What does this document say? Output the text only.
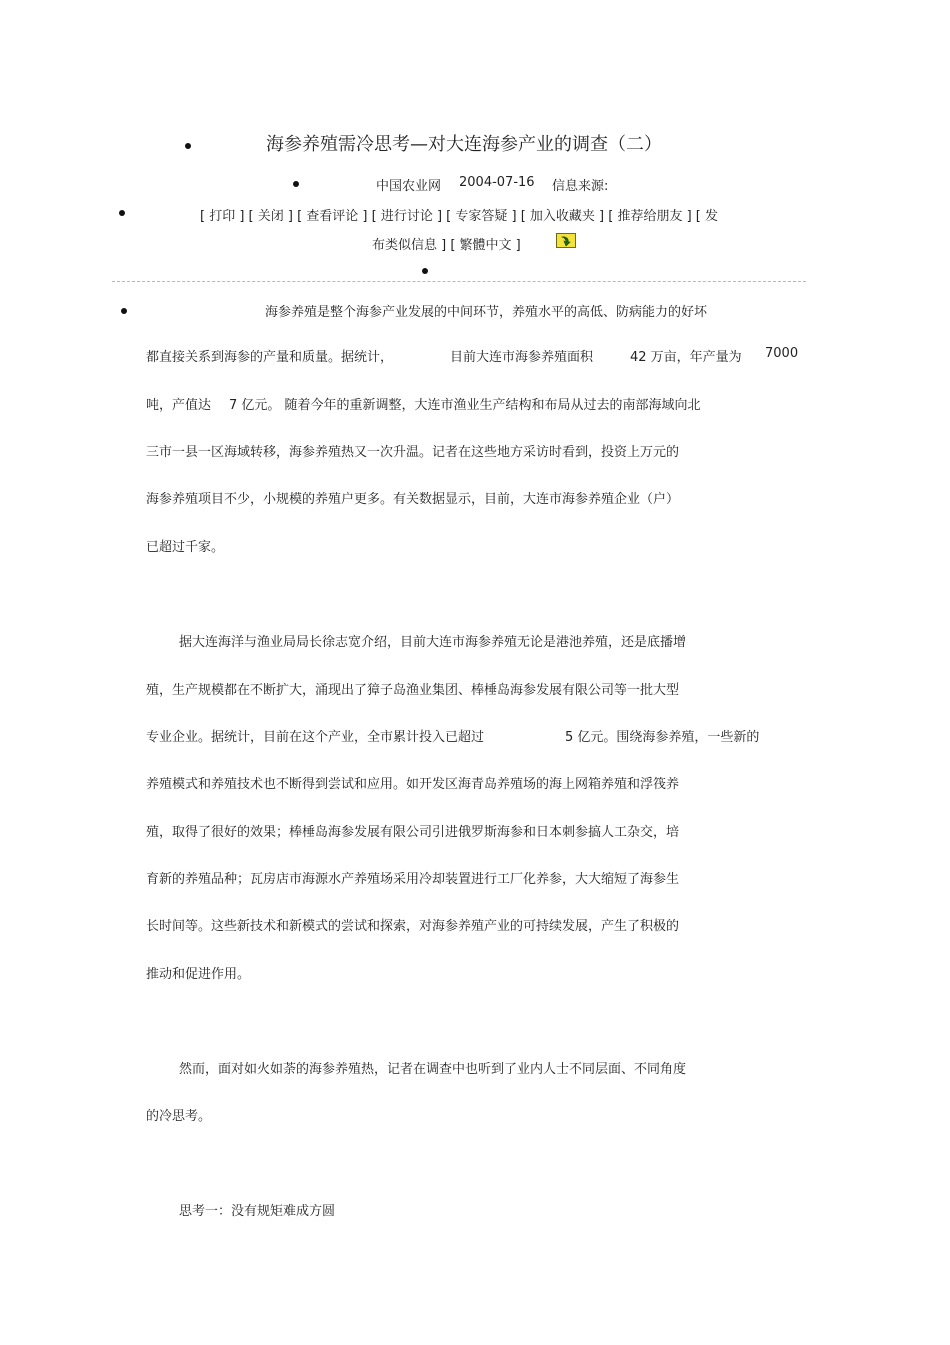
海参养殖需冷思考—对大连海参产业的调查（二）
中国农业网 2004-07-16 信息来源:
[ 打印 ] [ 关闭 ] [ 查看评论 ] [ 进行讨论 ] [ 专家答疑 ] [ 加入收藏夹 ] [ 推荐给朋友 ] [ 发
布类似信息 ] [ 繁體中文 ]
海参养殖是整个海参产业发展的中间环节，养殖水平的高低、防病能力的好坏
都直接关系到海参的产量和质量。据统计，	目前大连市海参养殖面积	42 万亩，年产量为 7000
吨，产值达 7 亿元。 随着今年的重新调整，大连市渔业生产结构和布局从过去的南部海域向北
三市一县一区海域转移，海参养殖热又一次升温。记者在这些地方采访时看到，投资上万元的
海参养殖项目不少，小规模的养殖户更多。有关数据显示，目前，大连市海参养殖企业（户）
已超过千家。
据大连海洋与渔业局局长徐志宽介绍，目前大连市海参养殖无论是港池养殖，还是底播增
殖，生产规模都在不断扩大，涌现出了獐子岛渔业集团、棒棰岛海参发展有限公司等一批大型
专业企业。据统计，目前在这个产业，全市累计投入已超过	5 亿元。围绕海参养殖，一些新的
养殖模式和养殖技术也不断得到尝试和应用。如开发区海青岛养殖场的海上网箱养殖和浮筏养
殖，取得了很好的效果；棒棰岛海参发展有限公司引进俄罗斯海参和日本刺参搞人工杂交，培
育新的养殖品种；瓦房店市海源水产养殖场采用冷却装置进行工厂化养参，大大缩短了海参生
长时间等。这些新技术和新模式的尝试和探索，对海参养殖产业的可持续发展，产生了积极的
推动和促进作用。
然而，面对如火如荼的海参养殖热，记者在调查中也听到了业内人士不同层面、不同角度
的冷思考。
思考一：没有规矩难成方圆
